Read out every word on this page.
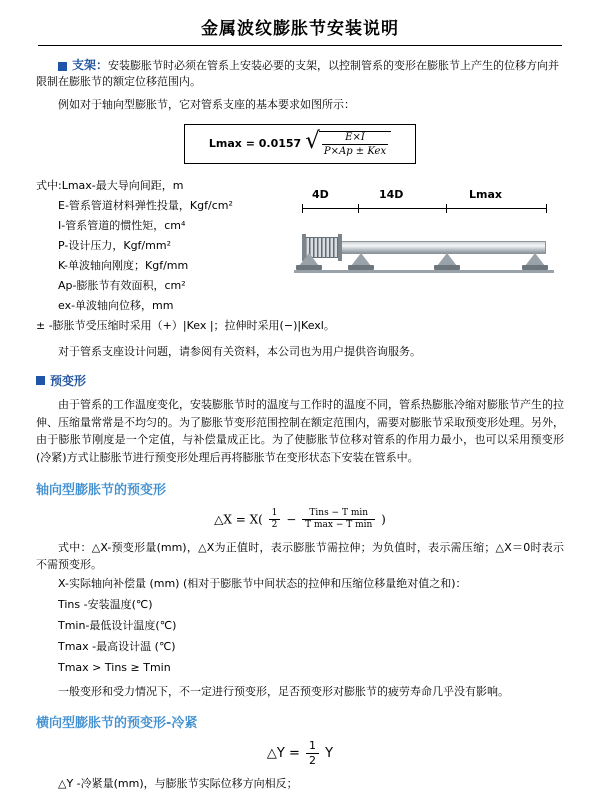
金属波纹膨胀节安装说明

支架：安装膨胀节时必须在管系上安装必要的支架，以控制管系的变形在膨胀节上产生的位移方向并限制在膨胀节的额定位移范围内。

例如对于轴向型膨胀节，它对管系支座的基本要求如图所示：

Lmax = 0.0157 √ $\frac{E\times I}{\text{P×Ap ± Kex}}$
式中:Lmax-最大导向间距，m
E-管系管道材料弹性投量，Kgf/cm²
I-管系管道的惯性矩，cm⁴
P-设计压力，Kgf/mm²
K-单波轴向刚度；Kgf/mm
Ap-膨胀节有效面积，cm²
ex-单波轴向位移，mm
± -膨胀节受压缩时采用（+）|Kex |；拉伸时采用(−)|Kexl。
4D	14D	Lmax

对于管系支座设计问题，请参阅有关资料，本公司也为用户提供咨询服务。

预变形

由于管系的工作温度变化，安装膨胀节时的温度与工作时的温度不同，管系热膨胀冷缩对膨胀节产生的拉伸、压缩量常常是不均匀的。为了膨胀节变形范围控制在额定范围内，需要对膨胀节采取预变形处理。另外，由于膨胀节刚度是一个定值，与补偿量成正比。为了使膨胀节位移对管系的作用力最小，也可以采用预变形(冷紧)方式让膨胀节进行预变形处理后再将膨胀节在变形状态下安装在管系中。

轴向型膨胀节的预变形
△X = $X( \frac{1}{2}$ −	Tins − T min
T max − T min )

式中：△X-预变形量(mm)，△X为正值时，表示膨胀节需拉伸；为负值时，表示需压缩；△X＝0时表示不需预变形。

X-实际轴向补偿量 (mm) (相对于膨胀节中间状态的拉伸和压缩位移量绝对值之和)：

Tins -安装温度(℃)

Tmin-最低设计温度(℃)

Tmax -最高设计温 (℃)

Tmax > Tins ≥ Tmin

一般变形和受力情况下，不一定进行预变形，足否预变形对膨胀节的疲劳寿命几乎没有影响。

横向型膨胀节的预变形-冷紧
△Y = $\frac{1}{2}$ Y

△Y -冷紧量(mm)，与膨胀节实际位移方向相反；
